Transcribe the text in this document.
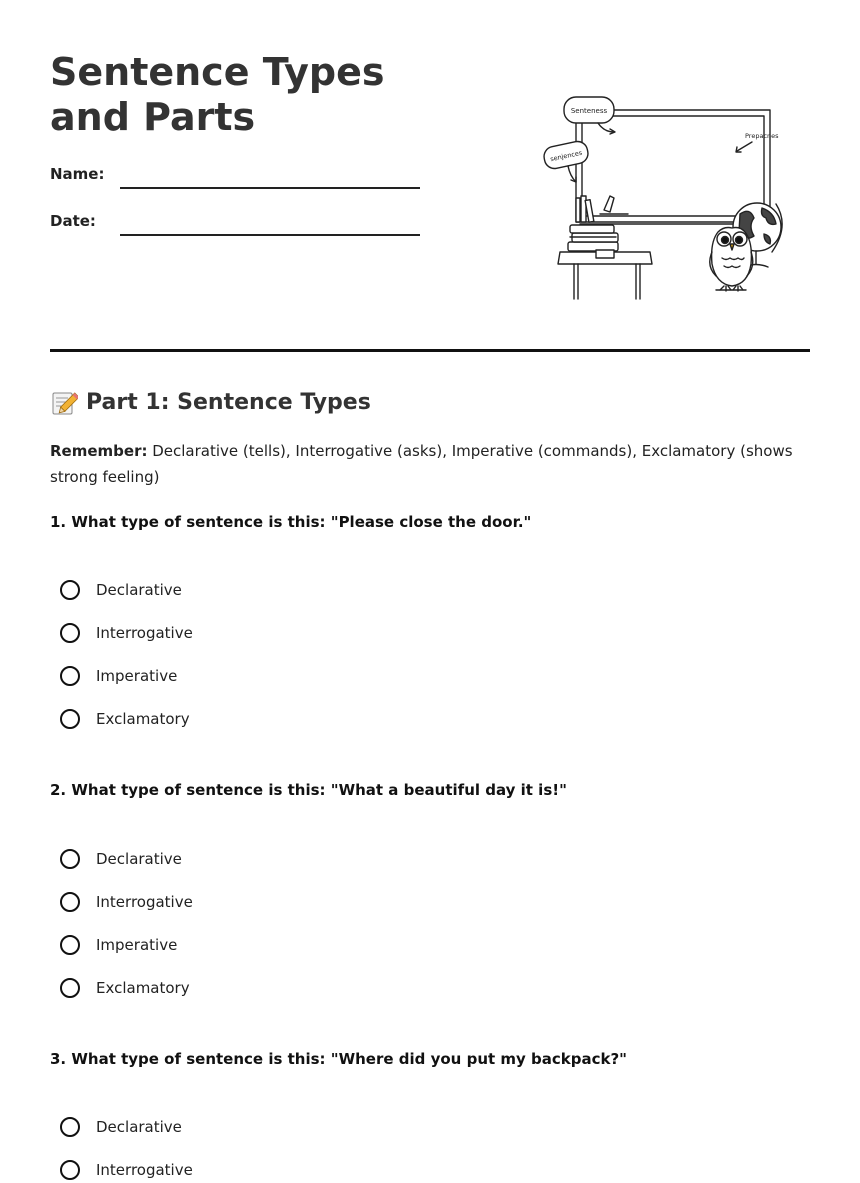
Sentence Types and Parts
Name:
Date:
Senteness
senjences
Prepacnes
Part 1: Sentence Types
Remember: Declarative (tells), Interrogative (asks), Imperative (commands), Exclamatory (shows strong feeling)
1. What type of sentence is this: "Please close the door."
Declarative
Interrogative
Imperative
Exclamatory
2. What type of sentence is this: "What a beautiful day it is!"
Declarative
Interrogative
Imperative
Exclamatory
3. What type of sentence is this: "Where did you put my backpack?"
Declarative
Interrogative
